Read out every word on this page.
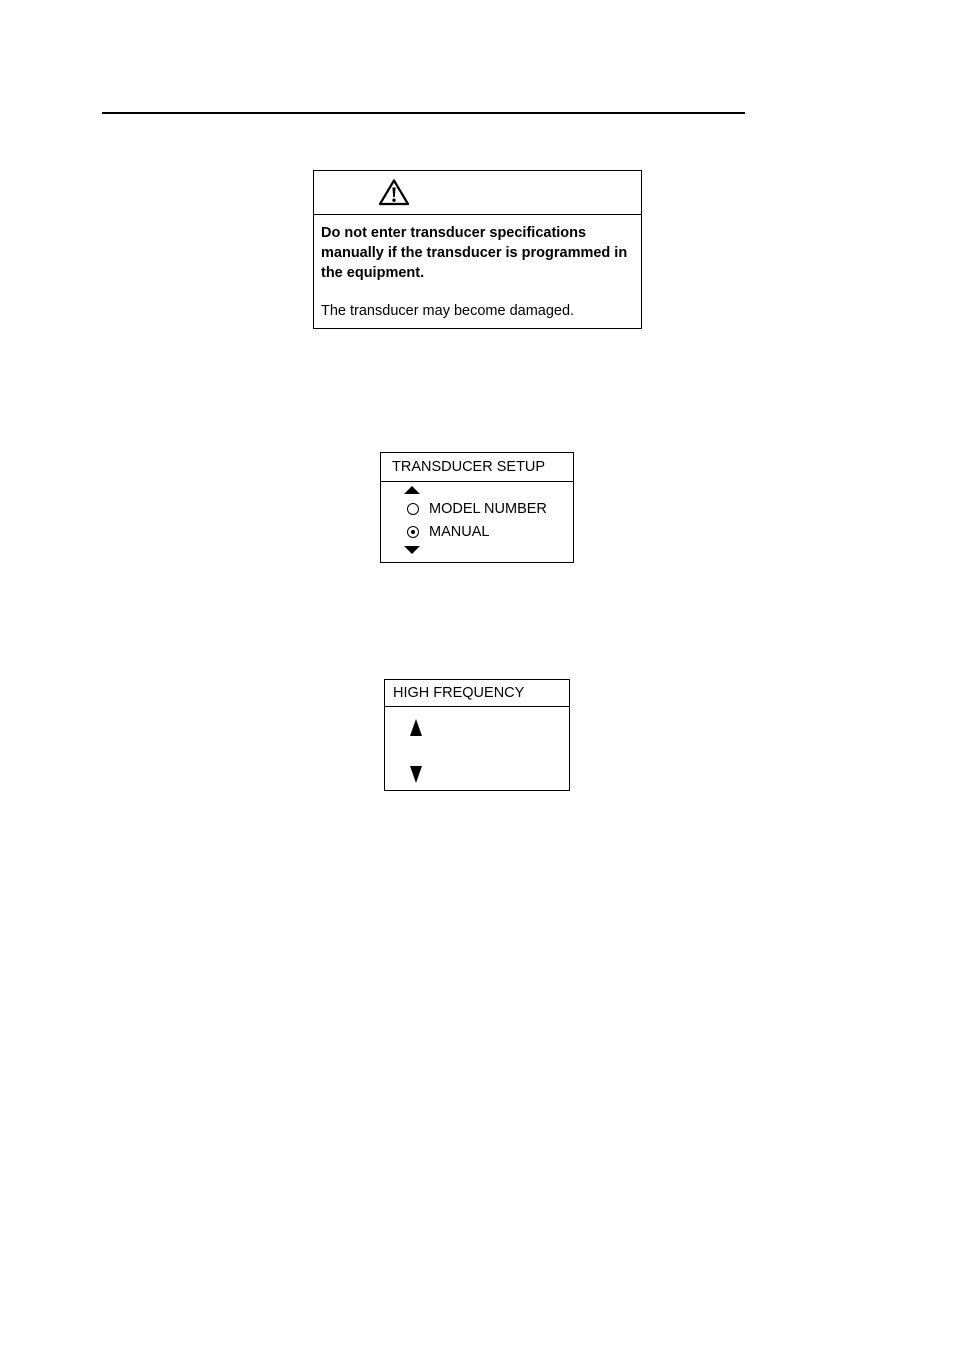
Do not enter transducer specifications manually if the transducer is programmed in the equipment.
The transducer may become damaged.
TRANSDUCER SETUP
MODEL NUMBER
MANUAL
HIGH FREQUENCY
